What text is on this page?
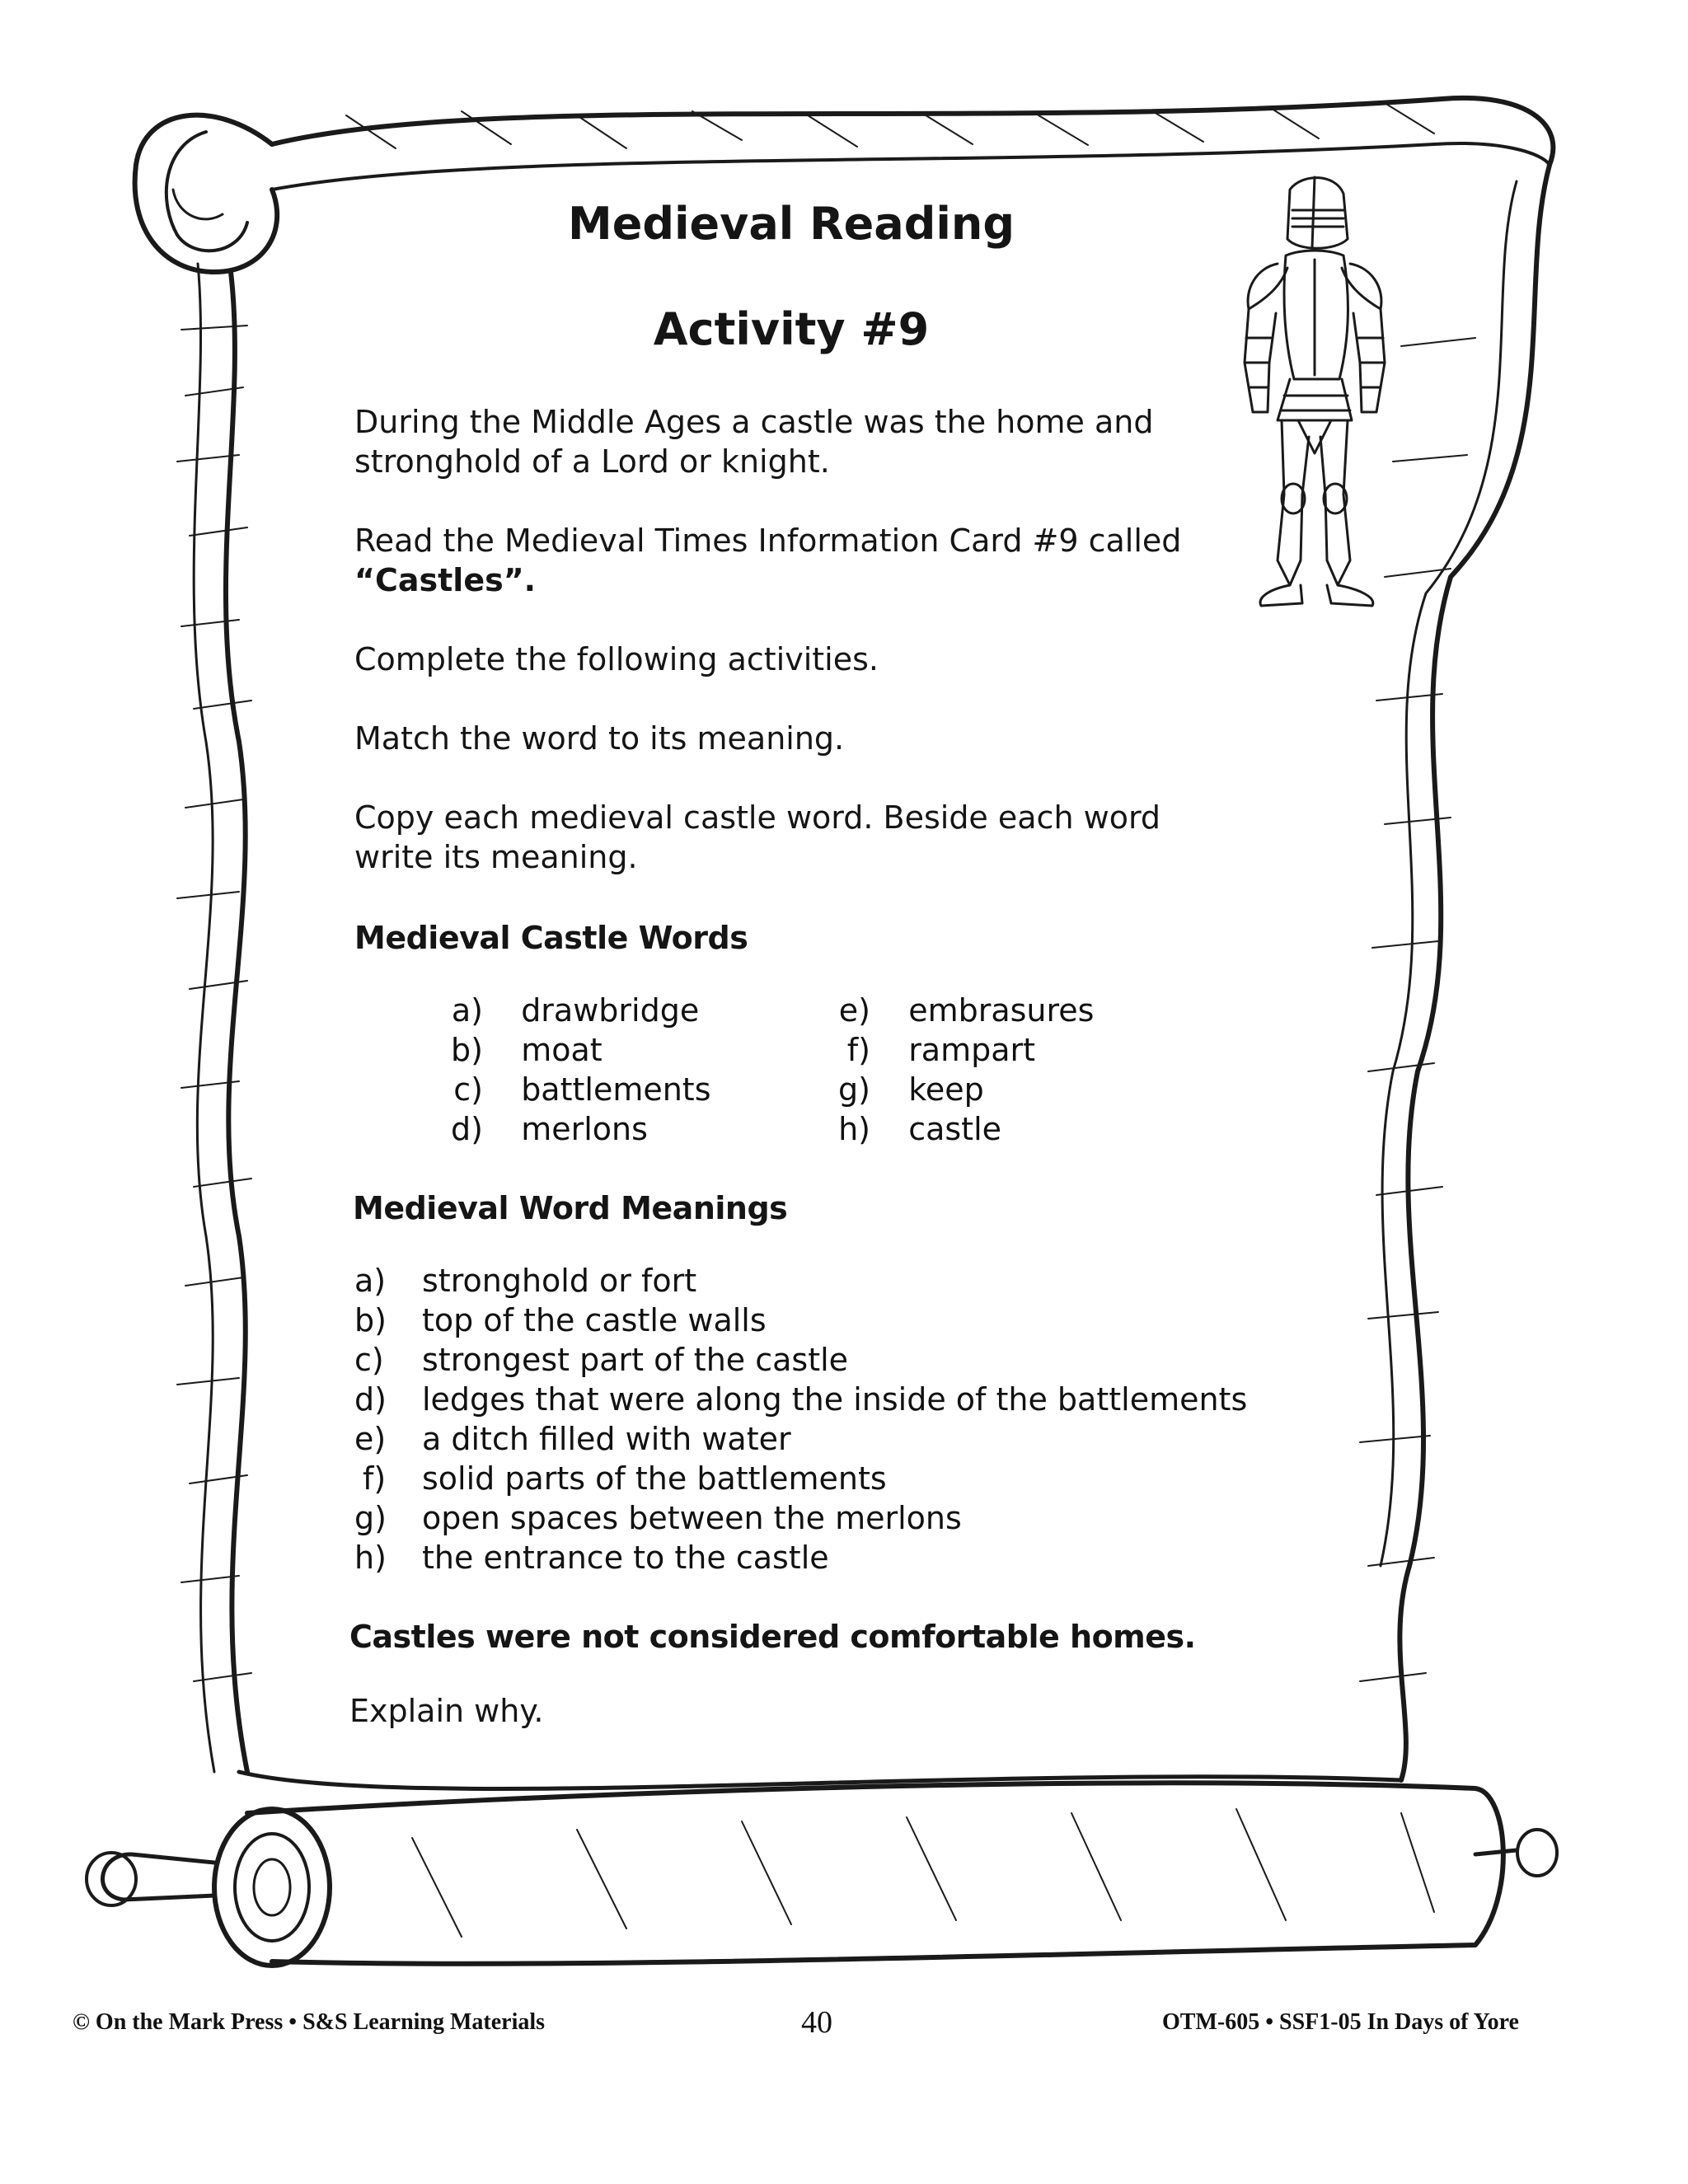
Medieval Reading
Activity #9
During the Middle Ages a castle was the home and
stronghold of a Lord or knight.
Read the Medieval Times Information Card #9 called
“Castles”.
Complete the following activities.
Match the word to its meaning.
Copy each medieval castle word. Beside each word
write its meaning.
Medieval Castle Words
a) drawbridge
b) moat
c) battlements
d) merlons
e) embrasures
f) rampart
g) keep
h) castle
Medieval Word Meanings
a) stronghold or fort
b) top of the castle walls
c) strongest part of the castle
d) ledges that were along the inside of the battlements
e) a ditch filled with water
f) solid parts of the battlements
g) open spaces between the merlons
h) the entrance to the castle
Castles were not considered comfortable homes.
Explain why.
© On the Mark Press • S&S Learning Materials	40	OTM-605 • SSF1-05 In Days of Yore
